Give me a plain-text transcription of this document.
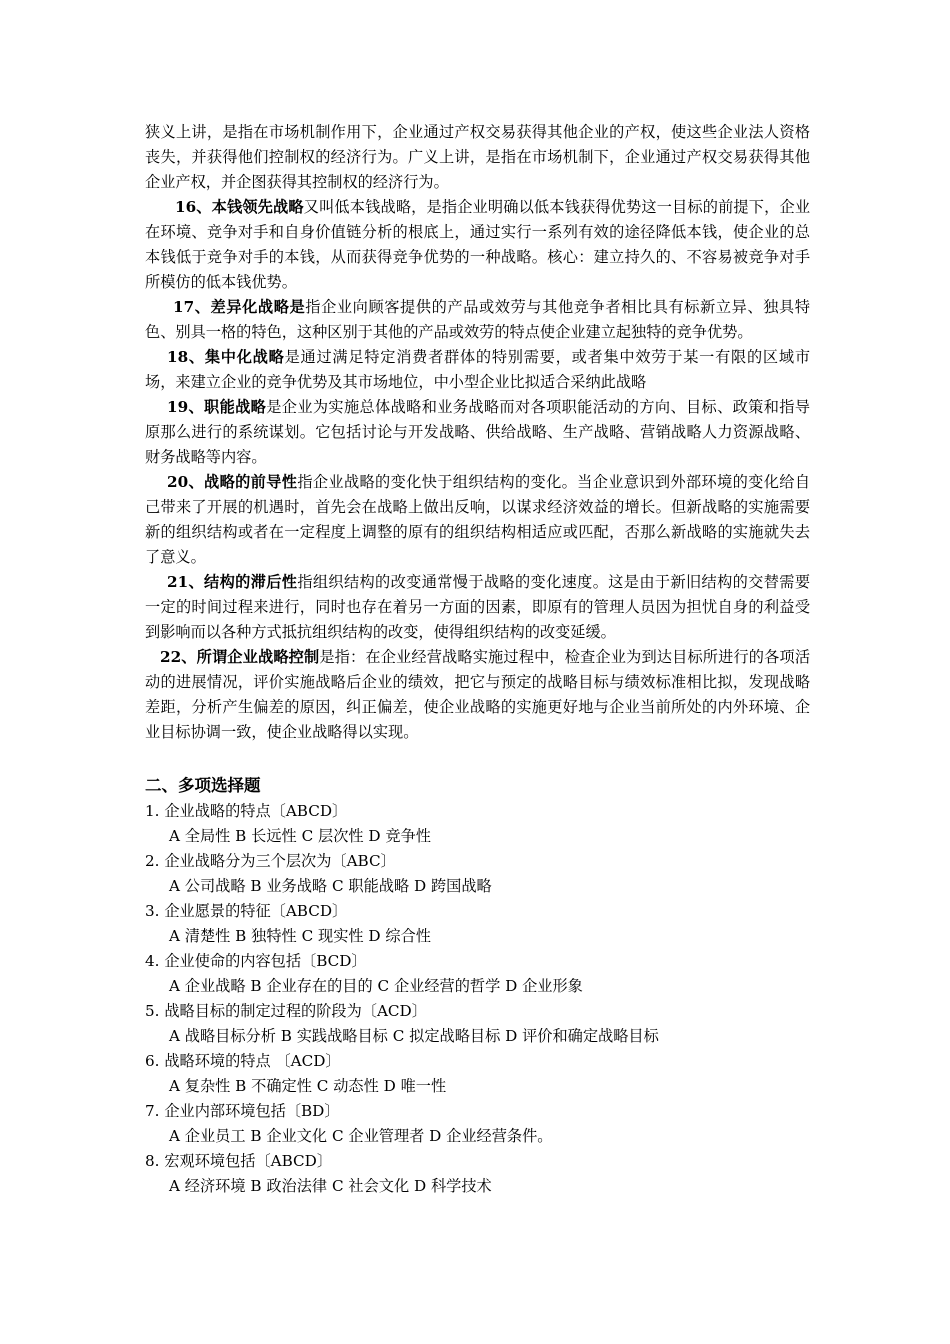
狭义上讲，是指在市场机制作用下，企业通过产权交易获得其他企业的产权，使这些企业法人资格丧失，并获得他们控制权的经济行为。广义上讲，是指在市场机制下，企业通过产权交易获得其他企业产权，并企图获得其控制权的经济行为。

16、本钱领先战略又叫低本钱战略，是指企业明确以低本钱获得优势这一目标的前提下，企业在环境、竞争对手和自身价值链分析的根底上，通过实行一系列有效的途径降低本钱，使企业的总本钱低于竞争对手的本钱，从而获得竞争优势的一种战略。核心：建立持久的、不容易被竞争对手所模仿的低本钱优势。

17、差异化战略是指企业向顾客提供的产品或效劳与其他竞争者相比具有标新立异、独具特色、别具一格的特色，这种区别于其他的产品或效劳的特点使企业建立起独特的竞争优势。

18、集中化战略是通过满足特定消费者群体的特别需要，或者集中效劳于某一有限的区域市场，来建立企业的竞争优势及其市场地位，中小型企业比拟适合采纳此战略

19、职能战略是企业为实施总体战略和业务战略而对各项职能活动的方向、目标、政策和指导原那么进行的系统谋划。它包括讨论与开发战略、供给战略、生产战略、营销战略人力资源战略、财务战略等内容。

20、战略的前导性指企业战略的变化快于组织结构的变化。当企业意识到外部环境的变化给自己带来了开展的机遇时，首先会在战略上做出反响，以谋求经济效益的增长。但新战略的实施需要新的组织结构或者在一定程度上调整的原有的组织结构相适应或匹配，否那么新战略的实施就失去了意义。

21、结构的滞后性指组织结构的改变通常慢于战略的变化速度。这是由于新旧结构的交替需要一定的时间过程来进行，同时也存在着另一方面的因素，即原有的管理人员因为担忧自身的利益受到影响而以各种方式抵抗组织结构的改变，使得组织结构的改变延缓。

22、所谓企业战略控制是指：在企业经营战略实施过程中，检查企业为到达目标所进行的各项活动的进展情况，评价实施战略后企业的绩效，把它与预定的战略目标与绩效标准相比拟，发现战略差距，分析产生偏差的原因，纠正偏差，使企业战略的实施更好地与企业当前所处的内外环境、企业目标协调一致，使企业战略得以实现。

二、多项选择题

1. 企业战略的特点〔ABCD〕

A 全局性 B 长远性 C 层次性 D 竞争性

2. 企业战略分为三个层次为〔ABC〕

A 公司战略 B 业务战略 C 职能战略 D 跨国战略

3. 企业愿景的特征〔ABCD〕

A 清楚性 B 独特性 C 现实性 D 综合性

4. 企业使命的内容包括〔BCD〕

A 企业战略 B 企业存在的目的 C 企业经营的哲学 D 企业形象

5. 战略目标的制定过程的阶段为〔ACD〕

A 战略目标分析 B 实践战略目标 C 拟定战略目标 D 评价和确定战略目标

6. 战略环境的特点 〔ACD〕

A 复杂性 B 不确定性 C 动态性 D 唯一性

7. 企业内部环境包括〔BD〕

A 企业员工 B 企业文化 C 企业管理者 D 企业经营条件。

8. 宏观环境包括〔ABCD〕

A 经济环境 B 政治法律 C 社会文化 D 科学技术
